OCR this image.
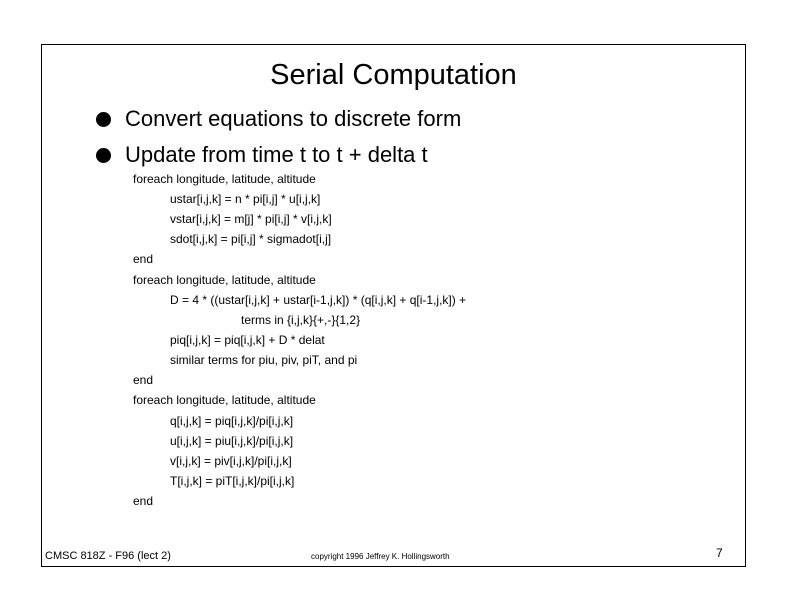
Serial Computation
Convert equations to discrete form
Update from time t to t + delta t
foreach longitude, latitude, altitude
ustar[i,j,k] = n * pi[i,j] * u[i,j,k]
vstar[i,j,k] = m[j] * pi[i,j] * v[i,j,k]
sdot[i,j,k] = pi[i,j] * sigmadot[i,j]
end
foreach longitude, latitude, altitude
D = 4 * ((ustar[i,j,k] + ustar[i-1,j,k]) * (q[i,j,k] + q[i-1,j,k]) +
terms in {i,j,k}{+,-}{1,2}
piq[i,j,k] = piq[i,j,k] + D * delat
similar terms for piu, piv, piT, and pi
end
foreach longitude, latitude, altitude
q[i,j,k] = piq[i,j,k]/pi[i,j,k]
u[i,j,k] = piu[i,j,k]/pi[i,j,k]
v[i,j,k] = piv[i,j,k]/pi[i,j,k]
T[i,j,k] = piT[i,j,k]/pi[i,j,k]
end
CMSC 818Z - F96 (lect 2)	copyright 1996 Jeffrey K. Hollingsworth	7
